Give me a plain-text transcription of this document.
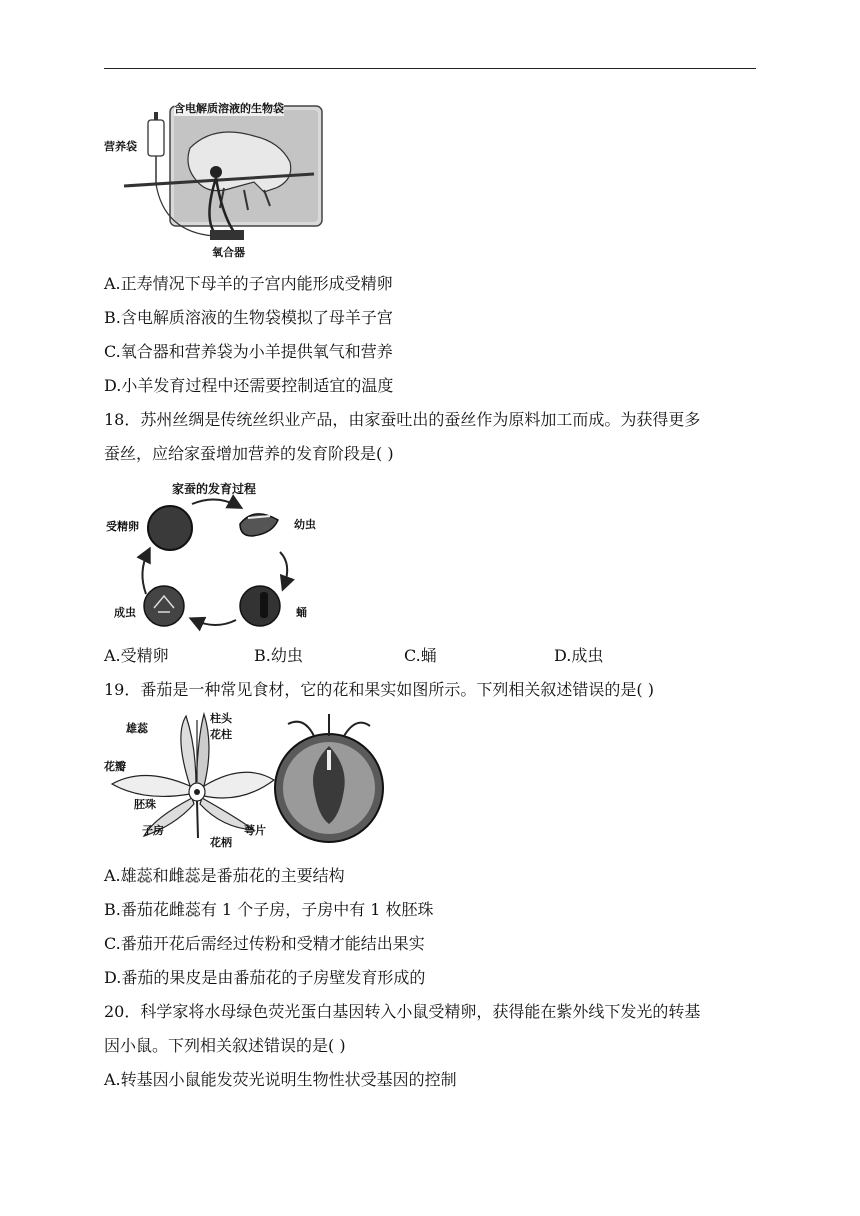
含电解质溶液的生物袋
营养袋
氧合器
A.正寿情况下母羊的子宫内能形成受精卵
B.含电解质溶液的生物袋模拟了母羊子宫
C.氧合器和营养袋为小羊提供氧气和营养
D.小羊发育过程中还需要控制适宜的温度
18．苏州丝绸是传统丝织业产品，由家蚕吐出的蚕丝作为原料加工而成。为获得更多
蚕丝，应给家蚕增加营养的发育阶段是( )
家蚕的发育过程
受精卵	幼虫
蛹
成虫
A.受精卵	B.幼虫	C.蛹	D.成虫
19．番茄是一种常见食材，它的花和果实如图所示。下列相关叙述错误的是( )
雄蕊
柱头
花柱
花瓣
胚珠
子房
花柄
萼片
A.雄蕊和雌蕊是番茄花的主要结构
B.番茄花雌蕊有 1 个子房，子房中有 1 枚胚珠
C.番茄开花后需经过传粉和受精才能结出果实
D.番茄的果皮是由番茄花的子房壁发育形成的
20．科学家将水母绿色荧光蛋白基因转入小鼠受精卵，获得能在紫外线下发光的转基
因小鼠。下列相关叙述错误的是( )
A.转基因小鼠能发荧光说明生物性状受基因的控制
